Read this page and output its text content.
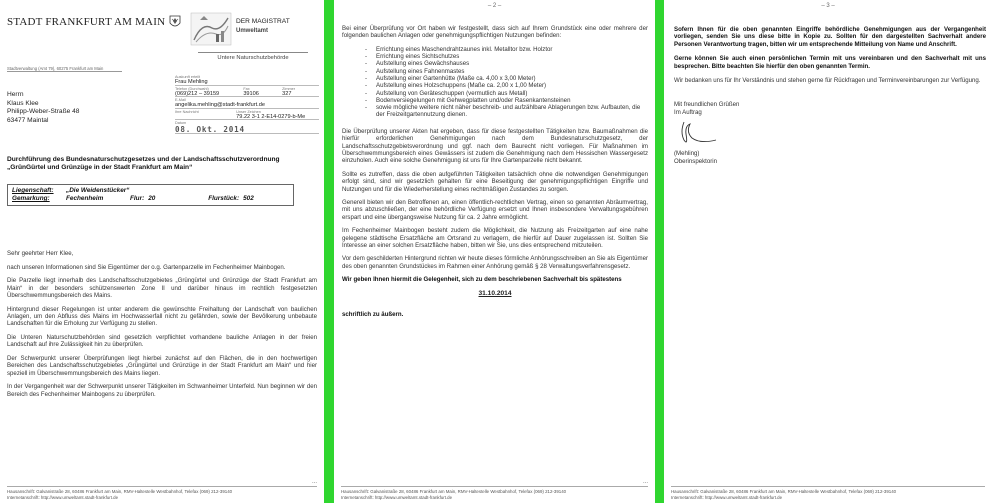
STADT FRANKFURT AM MAIN	DER MAGISTRAT
Umweltamt
Untere Naturschutzbehörde
Stadtverwaltung (Amt 79), 60275 Frankfurt am Main
Herrn
Klaus Klee
Philipp-Weber-Straße 48
63477 Maintal
Auskunft erteilt
Frau Mehling
Telefon (Durchwahl)
(069)212 – 39159
Fax
39106
Zimmer
327
E-Mail
angelika.mehling@stadt-frankfurt.de
Ihre Nachricht	Unser Zeichen
79.22 3-1 2-E14-0279-b-Me
Datum
08. Okt. 2014
Durchführung des Bundesnaturschutzgesetzes und der Landschaftsschutzverordnung „GrünGürtel und Grünzüge in der Stadt Frankfurt am Main“
Liegenschaft:	„Die Weidenstücker“
Gemarkung:	Fechenheim	Flur: 20	Flurstück: 502

Sehr geehrter Herr Klee,

nach unseren Informationen sind Sie Eigentümer der o.g. Gartenparzelle im Fechenheimer Mainbogen.

Die Parzelle liegt innerhalb des Landschaftsschutzgebietes „Grüngürtel und Grünzüge der Stadt Frankfurt am Main“ in der besonders schützenswerten Zone II und darüber hinaus im rechtlich festgesetzten Überschwemmungsbereich des Mains.

Hintergrund dieser Regelungen ist unter anderem die gewünschte Freihaltung der Landschaft von baulichen Anlagen, um den Abfluss des Mains im Hochwasserfall nicht zu gefährden, sowie der Bevölkerung unbebaute Landschaften für die Erholung zur Verfügung zu stellen.

Die Unteren Naturschutzbehörden sind gesetzlich verpflichtet vorhandene bauliche Anlagen in der freien Landschaft auf ihre Zulässigkeit hin zu überprüfen.

Der Schwerpunkt unserer Überprüfungen liegt hierbei zunächst auf den Flächen, die in den hochwertigen Bereichen des Landschaftsschutzgebietes „Grüngürtel und Grünzüge in der Stadt Frankfurt am Main“ und hier speziell im Überschwemmungsbereich des Mains liegen.

In der Vergangenheit war der Schwerpunkt unserer Tätigkeiten im Schwanheimer Unterfeld. Nun beginnen wir den Bereich des Fechenheimer Mainbogens zu überprüfen.

...
Hausanschrift: Galvanistraße 28, 60486 Frankfurt am Main, RMV-Haltestelle Westbahnhof, Telefax (069) 212-39140
Internetanschrift: http://www.umweltamt.stadt-frankfurt.de
– 2 –

Bei einer Überprüfung vor Ort haben wir festgestellt, dass sich auf Ihrem Grundstück eine oder mehrere der folgenden baulichen Anlagen oder genehmigungspflichtigen Nutzungen befinden:

- Errichtung eines Maschendrahtzaunes inkl. Metalltor bzw. Holztor
- Errichtung eines Sichtschutzes
- Aufstellung eines Gewächshauses
- Aufstellung eines Fahnenmastes
- Aufstellung einer Gartenhütte (Maße ca. 4,00 x 3,00 Meter)
- Aufstellung eines Holzschuppens (Maße ca. 2,00 x 1,00 Meter)
- Aufstellung von Geräteschuppen (vermutlich aus Metall)
- Bodenversiegelungen mit Gehwegplatten und/oder Rasenkantensteinen
- sowie mögliche weitere nicht näher beschreib- und aufzählbare Ablagerungen bzw. Aufbauten, die der Freizeitgartennutzung dienen.

Die Überprüfung unserer Akten hat ergeben, dass für diese festgestellten Tätigkeiten bzw. Baumaßnahmen die hierfür erforderlichen Genehmigungen nach dem Bundesnaturschutzgesetz, der Landschaftsschutzgebietsverordnung und ggf. nach dem Baurecht nicht vorliegen. Für Maßnahmen im Überschwemmungsbereich eines Gewässers ist zudem die Genehmigung nach dem Hessischen Wassergesetz einzuholen. Auch eine solche Genehmigung ist uns für Ihre Gartenparzelle nicht bekannt.

Sollte es zutreffen, dass die oben aufgeführten Tätigkeiten tatsächlich ohne die notwendigen Genehmigungen erfolgt sind, sind wir gesetzlich gehalten für eine Beseitigung der genehmigungspflichtigen Eingriffe und Nutzungen und für die Wiederherstellung eines rechtmäßigen Zustandes zu sorgen.

Generell bieten wir den Betroffenen an, einen öffentlich-rechtlichen Vertrag, einen so genannten Abräumvertrag, mit uns abzuschließen, der eine behördliche Verfügung ersetzt und Ihnen insbesondere Verwaltungsgebühren erspart und eine übergangsweise Nutzung für ca. 2 Jahre ermöglicht.

Im Fechenheimer Mainbogen besteht zudem die Möglichkeit, die Nutzung als Freizeitgarten auf eine nahe gelegene städtische Ersatzfläche am Ortsrand zu verlagern, die hierfür auf Dauer zugelassen ist. Sollten Sie Interesse an einer solchen Ersatzfläche haben, bitten wir Sie, uns dies entsprechend mitzuteilen.

Vor dem geschilderten Hintergrund richten wir heute dieses förmliche Anhörungsschreiben an Sie als Eigentümer des oben genannten Grundstückes im Rahmen einer Anhörung gemäß § 28 Verwaltungsverfahrensgesetz.

Wir geben Ihnen hiermit die Gelegenheit, sich zu dem beschriebenen Sachverhalt bis spätestens

31.10.2014

schriftlich zu äußern.

...
Hausanschrift: Galvanistraße 28, 60486 Frankfurt am Main, RMV-Haltestelle Westbahnhof, Telefax (069) 212-39140
Internetanschrift: http://www.umweltamt.stadt-frankfurt.de
– 3 –

Sofern Ihnen für die oben genannten Eingriffe behördliche Genehmigungen aus der Vergangenheit vorliegen, senden Sie uns diese bitte in Kopie zu. Sollten für den dargestellten Sachverhalt andere Personen Verantwortung tragen, bitten wir um entsprechende Mitteilung von Name und Anschrift.

Gerne können Sie auch einen persönlichen Termin mit uns vereinbaren und den Sachverhalt mit uns besprechen. Bitte beachten Sie hierfür den oben genannten Termin.

Wir bedanken uns für Ihr Verständnis und stehen gerne für Rückfragen und Terminvereinbarungen zur Verfügung.

Mit freundlichen Grüßen
Im Auftrag
(Mehling)
Oberinspektorin
Hausanschrift: Galvanistraße 28, 60486 Frankfurt am Main, RMV-Haltestelle Westbahnhof, Telefax (069) 212-39140
Internetanschrift: http://www.umweltamt.stadt-frankfurt.de
